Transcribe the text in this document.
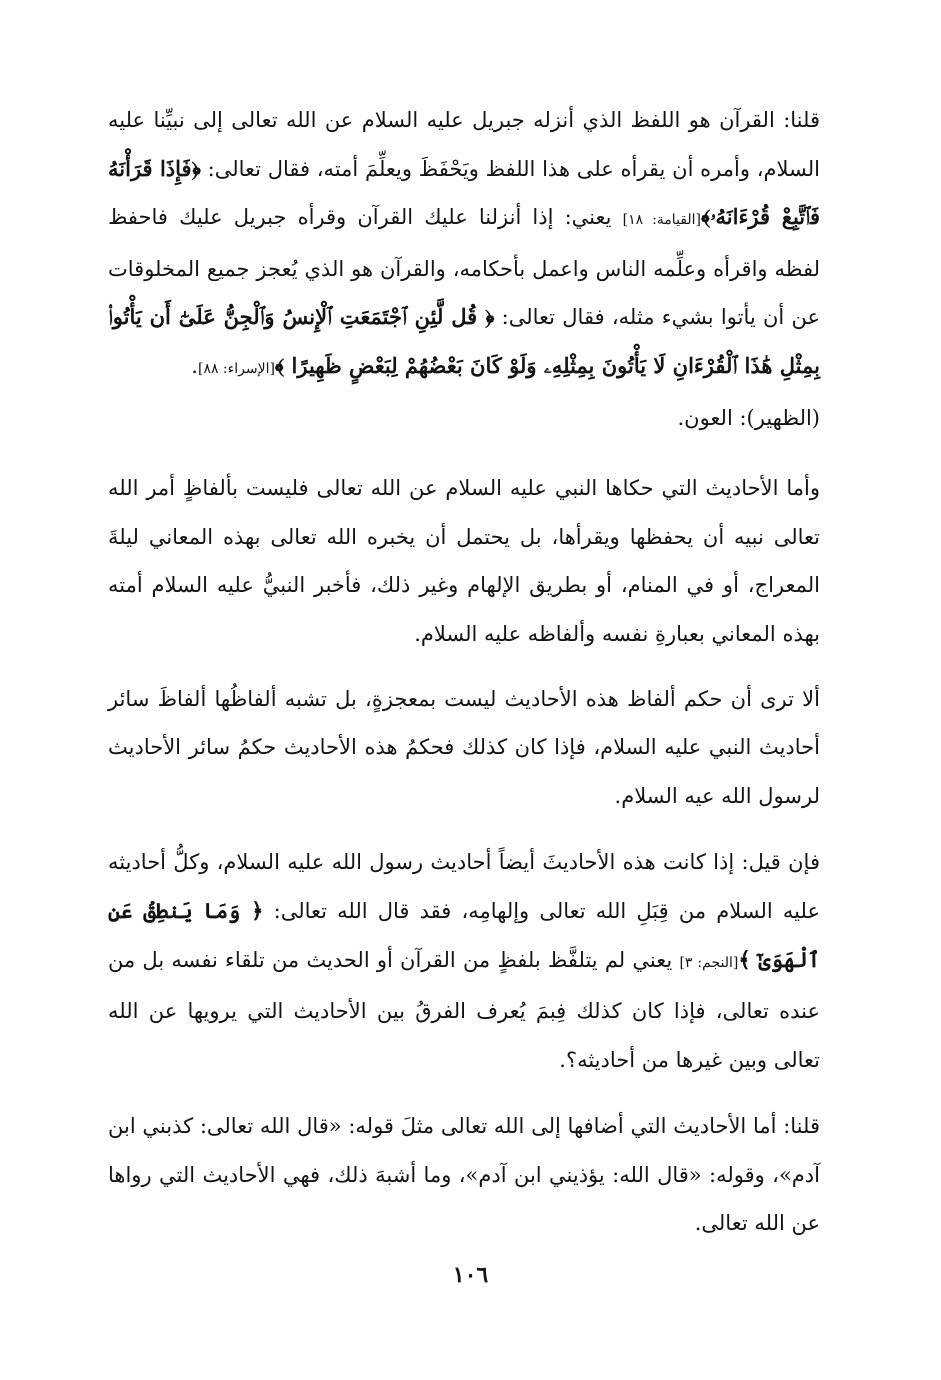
قلنا: القرآن هو اللفظ الذي أنزله جبريل عليه السلام عن الله تعالى إلى نبيِّنا عليه السلام، وأمره أن يقرأه على هذا اللفظ ويَحْفَظَ ويعلِّمَ أمته، فقال تعالى: ﴿فَإِذَا قَرَأْنَهُ فَٱتَّبِعْ قُرْءَانَهُۥ﴾[القيامة: ١٨] يعني: إذا أنزلنا عليك القرآن وقرأه جبريل عليك فاحفظ لفظه واقرأه وعلِّمه الناس واعمل بأحكامه، والقرآن هو الذي يُعجز جميع المخلوقات عن أن يأتوا بشيء مثله، فقال تعالى: ﴿ قُل لَّئِنِ ٱجْتَمَعَتِ ٱلْإِنسُ وَٱلْجِنُّ عَلَىٰٓ أَن يَأْتُوا۟ بِمِثْلِ هَٰذَا ٱلْقُرْءَانِ لَا يَأْتُونَ بِمِثْلِهِۦ وَلَوْ كَانَ بَعْضُهُمْ لِبَعْضٍ ظَهِيرًا ﴾[الإسراء: ٨٨].

(الظهير): العون.

وأما الأحاديث التي حكاها النبي عليه السلام عن الله تعالى فليست بألفاظٍ أمر الله تعالى نبيه أن يحفظها ويقرأها، بل يحتمل أن يخبره الله تعالى بهذه المعاني ليلةَ المعراج، أو في المنام، أو بطريق الإلهام وغير ذلك، فأخبر النبيُّ عليه السلام أمته بهذه المعاني بعبارةِ نفسه وألفاظه عليه السلام.

ألا ترى أن حكم ألفاظ هذه الأحاديث ليست بمعجزةٍ، بل تشبه ألفاظُها ألفاظَ سائر أحاديث النبي عليه السلام، فإذا كان كذلك فحكمُ هذه الأحاديث حكمُ سائر الأحاديث لرسول الله عيه السلام.

فإن قيل: إذا كانت هذه الأحاديثَ أيضاً أحاديث رسول الله عليه السلام، وكلُّ أحاديثه عليه السلام من قِبَلِ الله تعالى وإلهامِه، فقد قال الله تعالى: ﴿ وَمَا يَنطِقُ عَنِ ٱلْهَوَىٰٓ ﴾[النجم: ٣] يعني لم يتلفَّظ بلفظٍ من القرآن أو الحديث من تلقاء نفسه بل من عنده تعالى، فإذا كان كذلك فِبمَ يُعرف الفرقُ بين الأحاديث التي يرويها عن الله تعالى وبين غيرها من أحاديثه؟.

قلنا: أما الأحاديث التي أضافها إلى الله تعالى مثلَ قوله: «قال الله تعالى: كذبني ابن آدم»، وقوله: «قال الله: يؤذيني ابن آدم»، وما أشبهَ ذلك، فهي الأحاديث التي رواها عن الله تعالى.

١٠٦
